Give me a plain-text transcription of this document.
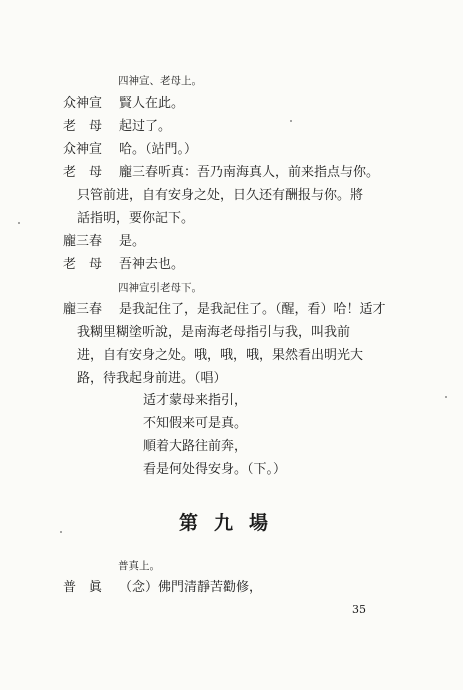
四神宣、老母上。
众神宣 賢人在此。
老　母 起过了。
众神宣 哈。（站門。）
老　母 龐三春听真：吾乃南海真人，前来指点与你。
只管前进，自有安身之处，日久还有酬报与你。將
話指明，要你記下。
龐三春 是。
老　母 吾神去也。
四神宣引老母下。
龐三春 是我記住了，是我記住了。（醒，看）哈！适才
我糊里糊塗听說，是南海老母指引与我，叫我前
进，自有安身之处。哦，哦，哦，果然看出明光大
路，待我起身前进。（唱）
适才蒙母来指引，
不知假来可是真。
順着大路往前奔，
看是何处得安身。（下。）
第九場
普真上。
普　眞 （念）佛門清靜苦勸修，
35
